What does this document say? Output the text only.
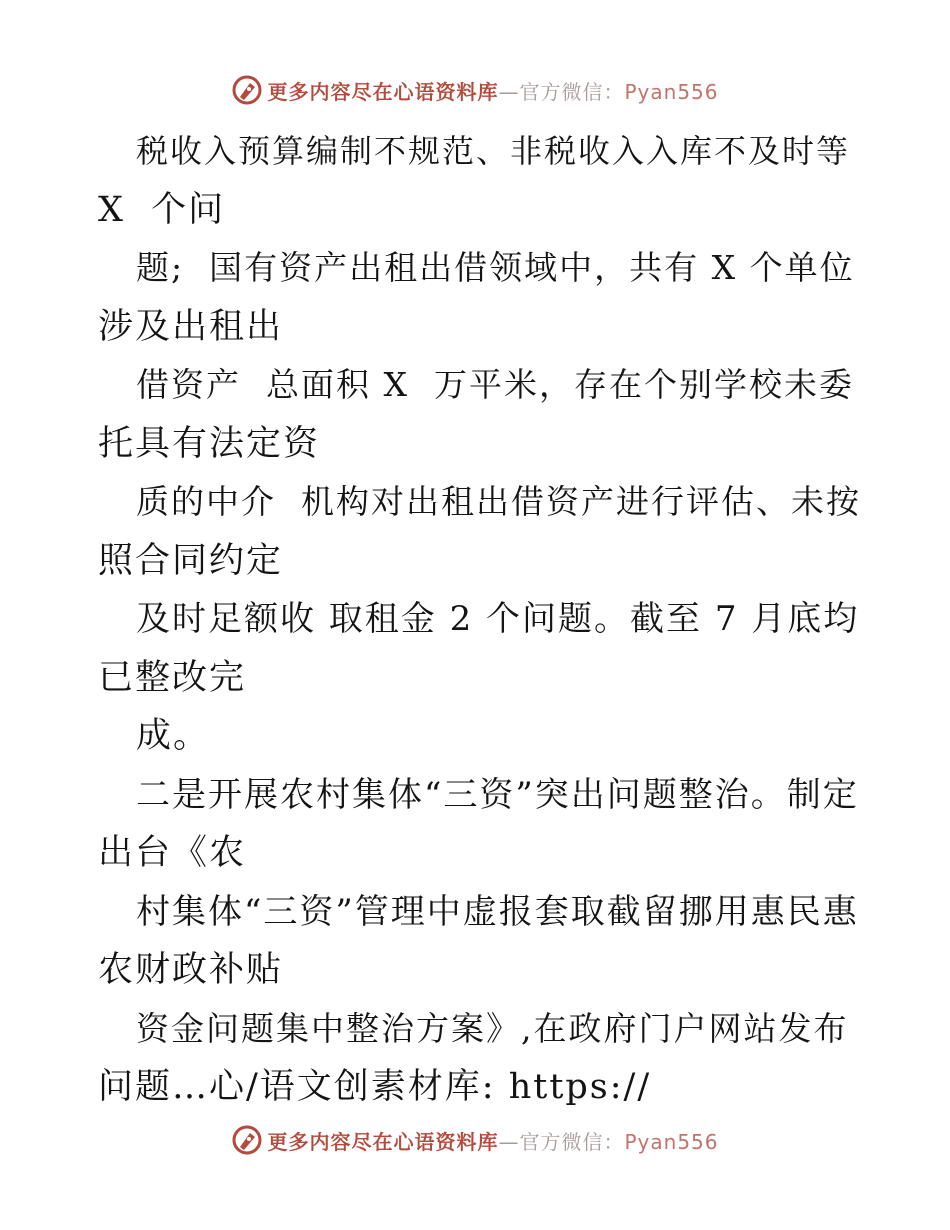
更多内容尽在心语资料库—官方微信：Pyan556
税收入预算编制不规范、非税收入入库不及时等
X  个问
题;  国有资产出租出借领域中，共有 X 个单位
涉及出租出
借资产  总面积 X  万平米，存在个别学校未委
托具有法定资
质的中介  机构对出租出借资产进行评估、未按
照合同约定
及时足额收 取租金 2 个问题。截至 7 月底均
已整改完
成。
二是开展农村集体“三资”突出问题整治。制定
出台《农
村集体“三资”管理中虚报套取截留挪用惠民惠
农财政补贴
资金问题集中整治方案》,在政府门户网站发布
问题…心/语文创素材库: https://
更多内容尽在心语资料库—官方微信：Pyan556
